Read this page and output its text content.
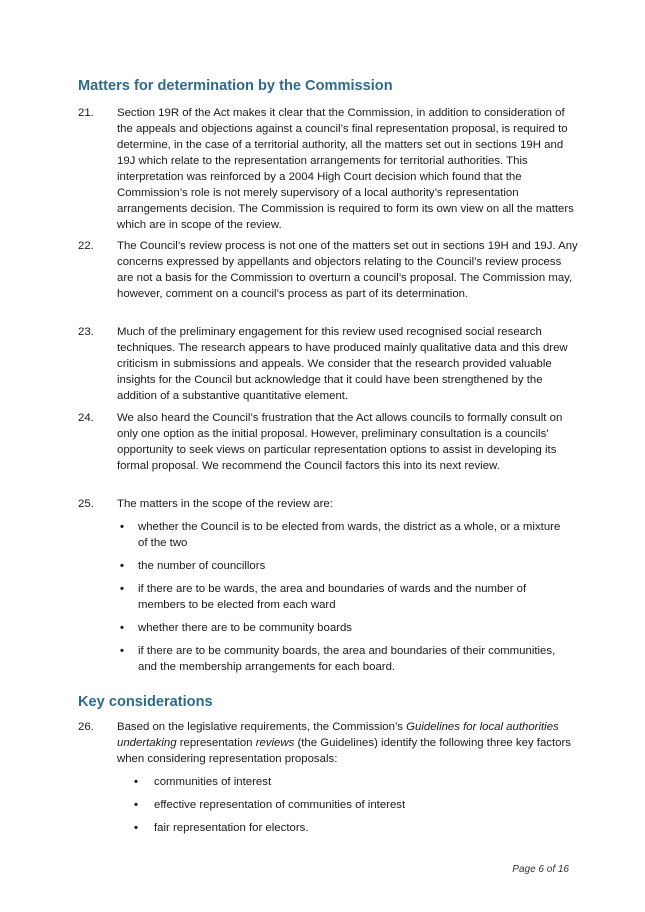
Matters for determination by the Commission
21. Section 19R of the Act makes it clear that the Commission, in addition to consideration of the appeals and objections against a council’s final representation proposal, is required to determine, in the case of a territorial authority, all the matters set out in sections 19H and 19J which relate to the representation arrangements for territorial authorities. This interpretation was reinforced by a 2004 High Court decision which found that the Commission’s role is not merely supervisory of a local authority’s representation arrangements decision. The Commission is required to form its own view on all the matters which are in scope of the review.
22. The Council’s review process is not one of the matters set out in sections 19H and 19J. Any concerns expressed by appellants and objectors relating to the Council’s review process are not a basis for the Commission to overturn a council’s proposal. The Commission may, however, comment on a council’s process as part of its determination.
23. Much of the preliminary engagement for this review used recognised social research techniques. The research appears to have produced mainly qualitative data and this drew criticism in submissions and appeals. We consider that the research provided valuable insights for the Council but acknowledge that it could have been strengthened by the addition of a substantive quantitative element.
24. We also heard the Council’s frustration that the Act allows councils to formally consult on only one option as the initial proposal. However, preliminary consultation is a councils’ opportunity to seek views on particular representation options to assist in developing its formal proposal. We recommend the Council factors this into its next review.
25. The matters in the scope of the review are:
• whether the Council is to be elected from wards, the district as a whole, or a mixture of the two
• the number of councillors
• if there are to be wards, the area and boundaries of wards and the number of members to be elected from each ward
• whether there are to be community boards
• if there are to be community boards, the area and boundaries of their communities, and the membership arrangements for each board.
Key considerations
26. Based on the legislative requirements, the Commission’s Guidelines for local authorities undertaking representation reviews (the Guidelines) identify the following three key factors when considering representation proposals:
• communities of interest
• effective representation of communities of interest
• fair representation for electors.
Page 6 of 16
